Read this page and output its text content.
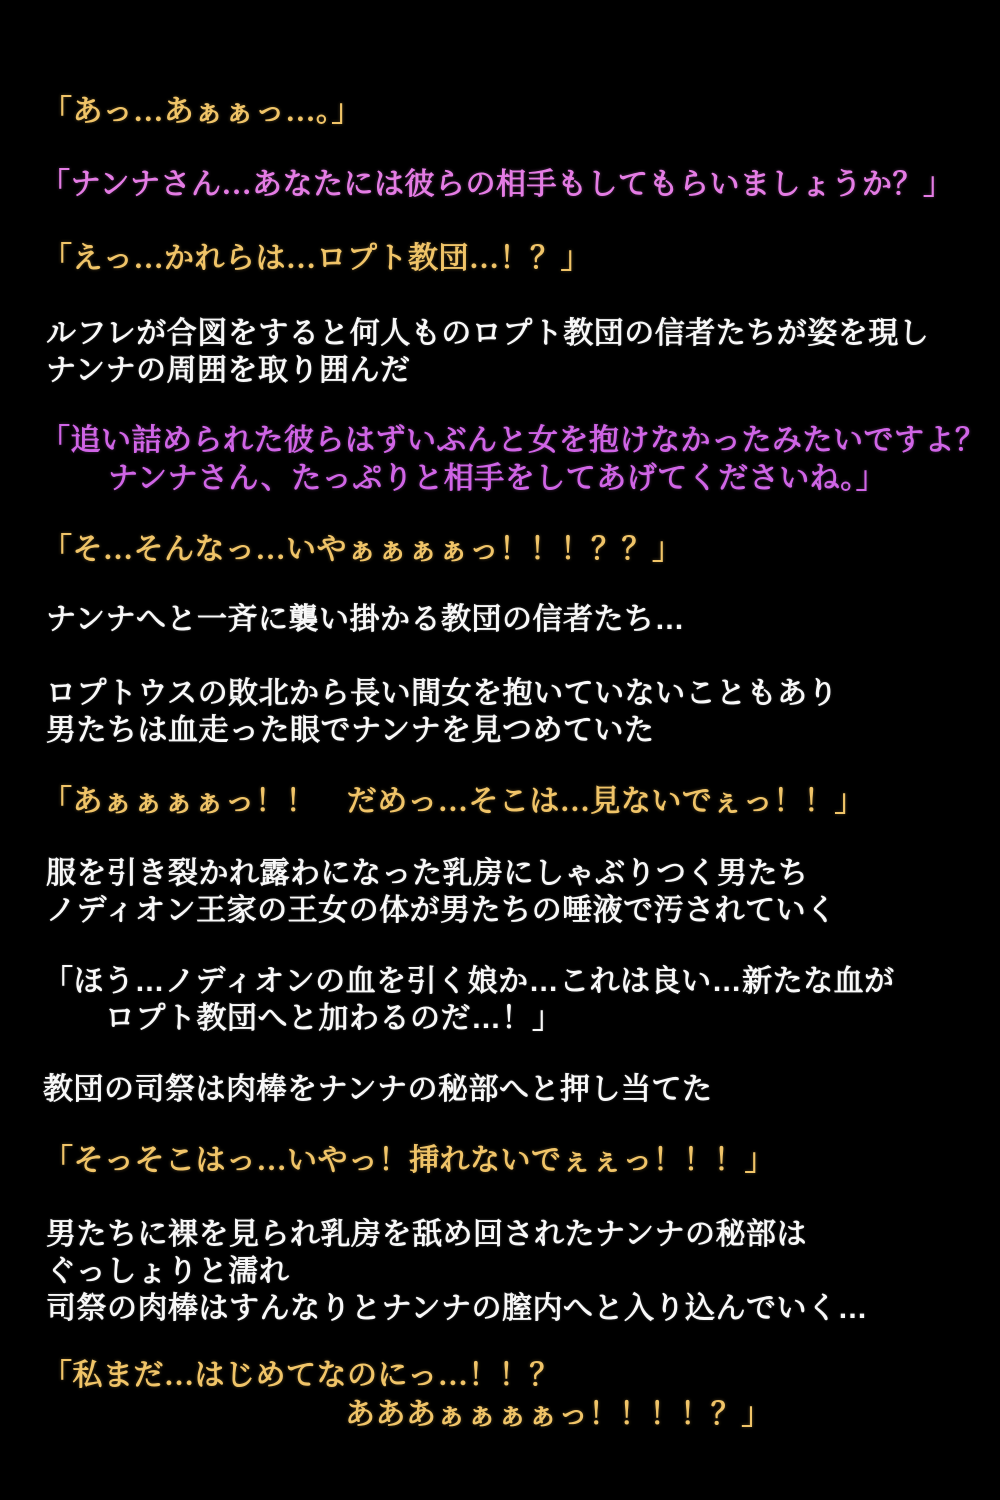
「あっ…あぁぁっ…。」
「ナンナさん…あなたには彼らの相手もしてもらいましょうか？」
「えっ…かれらは…ロプト教団…！？」
ルフレが合図をすると何人ものロプト教団の信者たちが姿を現し
ナンナの周囲を取り囲んだ
「追い詰められた彼らはずいぶんと女を抱けなかったみたいですよ？
ナンナさん、たっぷりと相手をしてあげてくださいね。」
「そ…そんなっ…いやぁぁぁぁっ！！！？？」
ナンナへと一斉に襲い掛かる教団の信者たち…
ロプトウスの敗北から長い間女を抱いていないこともあり
男たちは血走った眼でナンナを見つめていた
「あぁぁぁぁっ！！　だめっ…そこは…見ないでぇっ！！」
服を引き裂かれ露わになった乳房にしゃぶりつく男たち
ノディオン王家の王女の体が男たちの唾液で汚されていく
「ほう…ノディオンの血を引く娘か…これは良い…新たな血が
ロプト教団へと加わるのだ…！」
教団の司祭は肉棒をナンナの秘部へと押し当てた
「そっそこはっ…いやっ！挿れないでぇぇっ！！！」
男たちに裸を見られ乳房を舐め回されたナンナの秘部は
ぐっしょりと濡れ
司祭の肉棒はすんなりとナンナの膣内へと入り込んでいく…
「私まだ…はじめてなのにっ…！！？
あああぁぁぁぁっ！！！！？」
